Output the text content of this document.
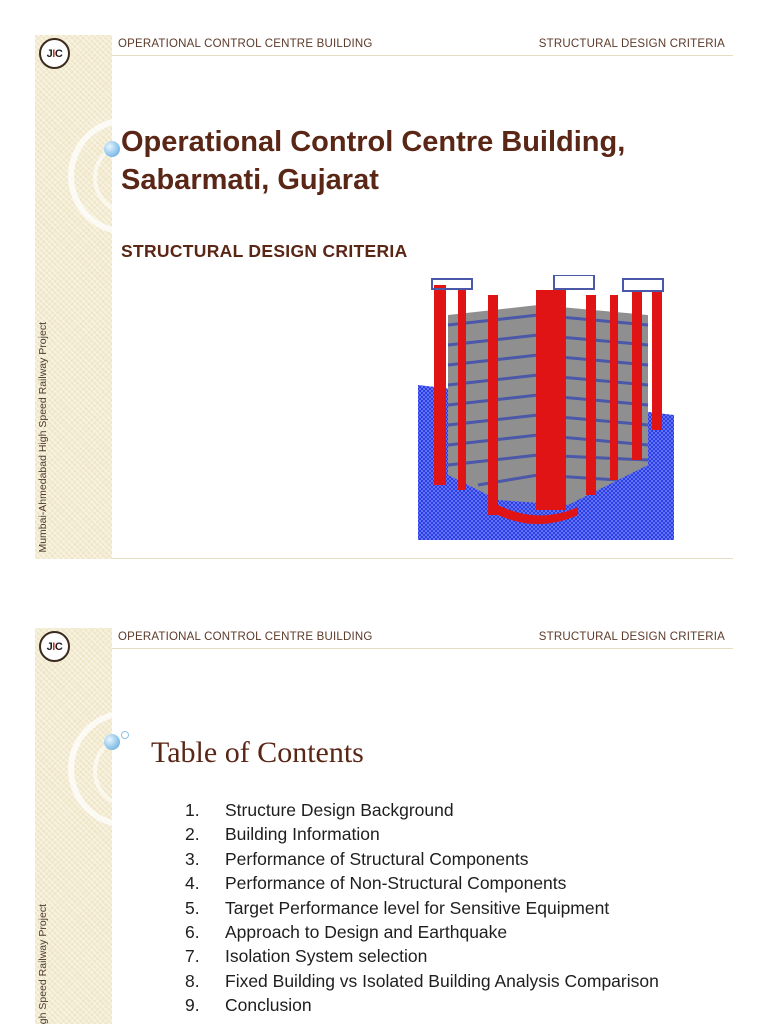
Mumbai-Ahmedabad High Speed Railway Project
J I C
OPERATIONAL CONTROL CENTRE BUILDING	STRUCTURAL DESIGN CRITERIA
Operational Control Centre Building,
Sabarmati, Gujarat
STRUCTURAL DESIGN CRITERIA
gh Speed Railway Project
J I C
OPERATIONAL CONTROL CENTRE BUILDING	STRUCTURAL DESIGN CRITERIA
Table of Contents
1. Structure Design Background
2. Building Information
3. Performance of Structural Components
4. Performance of Non-Structural Components
5. Target Performance level for Sensitive Equipment
6. Approach to Design and Earthquake
7. Isolation System selection
8. Fixed Building vs Isolated Building Analysis Comparison
9. Conclusion
